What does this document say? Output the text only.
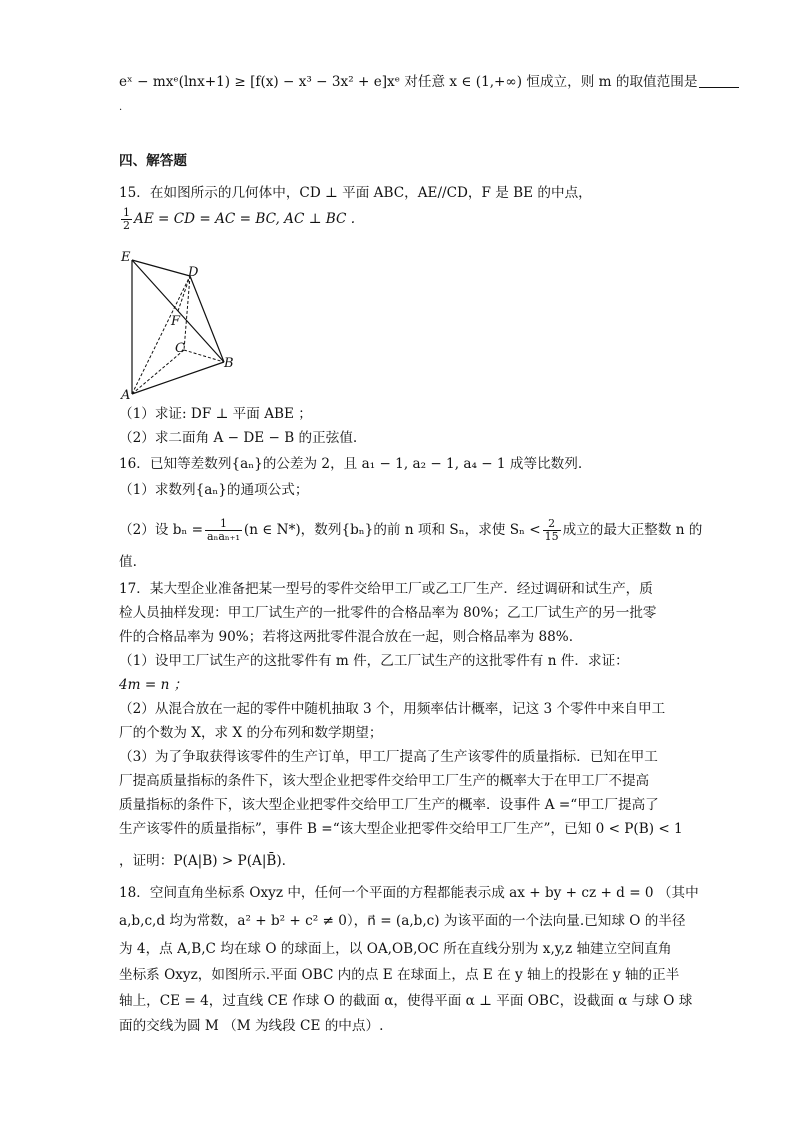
eˣ − mxᵉ(lnx+1) ≥ [f(x) − x³ − 3x² + e]xᵉ 对任意 x ∈ (1,+∞) 恒成立，则 m 的取值范围是
.
四、解答题
15．在如图所示的几何体中，CD ⊥ 平面 ABC，AE//CD，F 是 BE 的中点，
$\frac{1}{2}$ AE = CD = AC = BC, AC ⊥ BC .
E
D
F
C
B
A
（1）求证: DF ⊥ 平面 ABE ；
（2）求二面角 A − DE − B 的正弦值.
16．已知等差数列{aₙ}的公差为 2，且 a₁ − 1, a₂ − 1, a₄ − 1 成等比数列.
（1）求数列{aₙ}的通项公式；
（2）设 $b_n = \frac{1}{\text{aₙaₙ₊₁}} (n$ ∈ N*)，数列{bₙ}的前 n 项和 Sₙ，求使 $S_n < \frac{2}{15}$ 成立的最大正整数 n 的
值.
17．某大型企业准备把某一型号的零件交给甲工厂或乙工厂生产．经过调研和试生产，质
检人员抽样发现：甲工厂试生产的一批零件的合格品率为 80%；乙工厂试生产的另一批零
件的合格品率为 90%；若将这两批零件混合放在一起，则合格品率为 88%.
（1）设甲工厂试生产的这批零件有 m 件，乙工厂试生产的这批零件有 n 件．求证：
4m = n ；
（2）从混合放在一起的零件中随机抽取 3 个，用频率估计概率，记这 3 个零件中来自甲工
厂的个数为 X，求 X 的分布列和数学期望；
（3）为了争取获得该零件的生产订单，甲工厂提高了生产该零件的质量指标．已知在甲工
厂提高质量指标的条件下，该大型企业把零件交给甲工厂生产的概率大于在甲工厂不提高
质量指标的条件下，该大型企业把零件交给甲工厂生产的概率．设事件 A =“甲工厂提高了
生产该零件的质量指标”，事件 B =“该大型企业把零件交给甲工厂生产”，已知 0 < P(B) < 1
，证明：P(A|B) > P(A|B̄).
18．空间直角坐标系 Oxyz 中，任何一个平面的方程都能表示成 ax + by + cz + d = 0 （其中
a,b,c,d 均为常数，a² + b² + c² ≠ 0），n⃗ = (a,b,c) 为该平面的一个法向量.已知球 O 的半径
为 4，点 A,B,C 均在球 O 的球面上，以 OA,OB,OC 所在直线分别为 x,y,z 轴建立空间直角
坐标系 Oxyz，如图所示.平面 OBC 内的点 E 在球面上，点 E 在 y 轴上的投影在 y 轴的正半
轴上，CE = 4，过直线 CE 作球 O 的截面 α，使得平面 α ⊥ 平面 OBC，设截面 α 与球 O 球
面的交线为圆 M （M 为线段 CE 的中点）.
